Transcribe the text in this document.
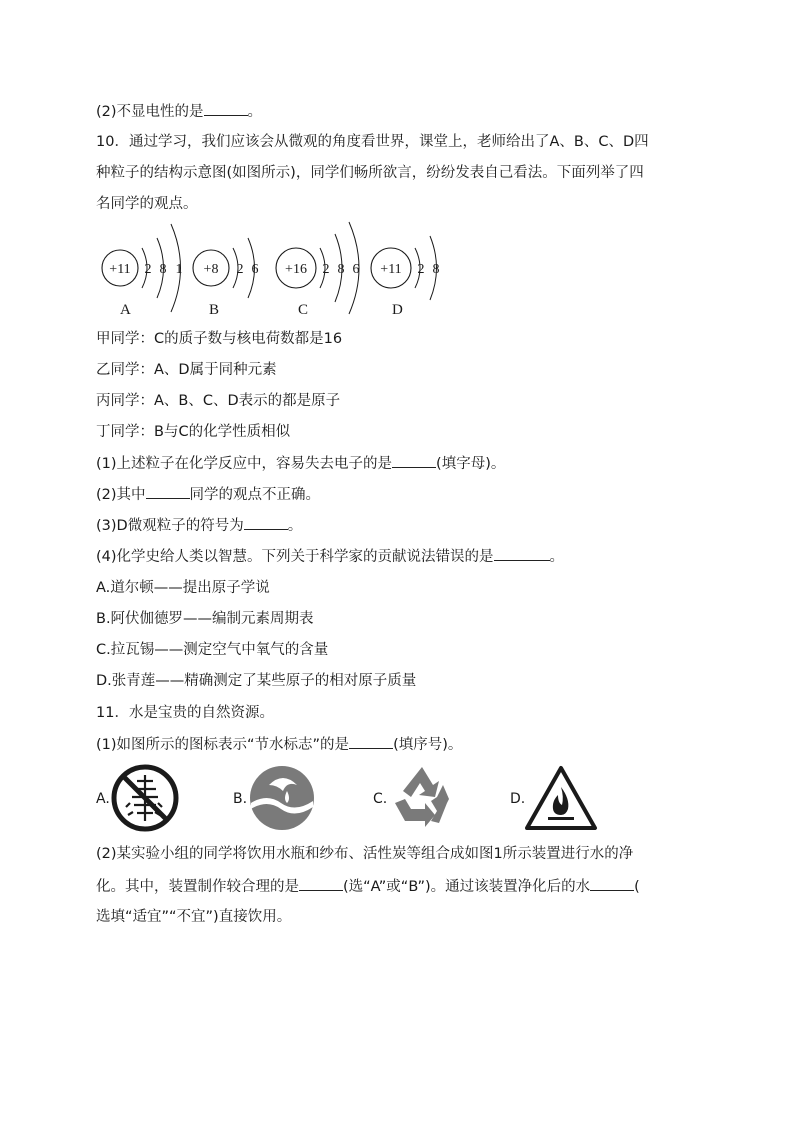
(2)不显电性的是	。
10．通过学习，我们应该会从微观的角度看世界，课堂上，老师给出了A、B、C、D四
种粒子的结构示意图(如图所示)，同学们畅所欲言，纷纷发表自己看法。下面列举了四
名同学的观点。
+11 2 8 1 +8 2 6 +16 2 8 6 +11 2 8
A	B	C	D
甲同学：C的质子数与核电荷数都是16
乙同学：A、D属于同种元素
丙同学：A、B、C、D表示的都是原子
丁同学：B与C的化学性质相似
(1)上述粒子在化学反应中，容易失去电子的是	(填字母)。
(2)其中	同学的观点不正确。
(3)D微观粒子的符号为	。
(4)化学史给人类以智慧。下列关于科学家的贡献说法错误的是	。
A.道尔顿——提出原子学说
B.阿伏伽德罗——编制元素周期表
C.拉瓦锡——测定空气中氧气的含量
D.张青莲——精确测定了某些原子的相对原子质量
11．水是宝贵的自然资源。
(1)如图所示的图标表示“节水标志”的是	(填序号)。
A.	B.	C.	D.
(2)某实验小组的同学将饮用水瓶和纱布、活性炭等组合成如图1所示装置进行水的净
化。其中，装置制作较合理的是	(选“A”或“B”)。通过该装置净化后的水	(
选填“适宜”“不宜”)直接饮用。
